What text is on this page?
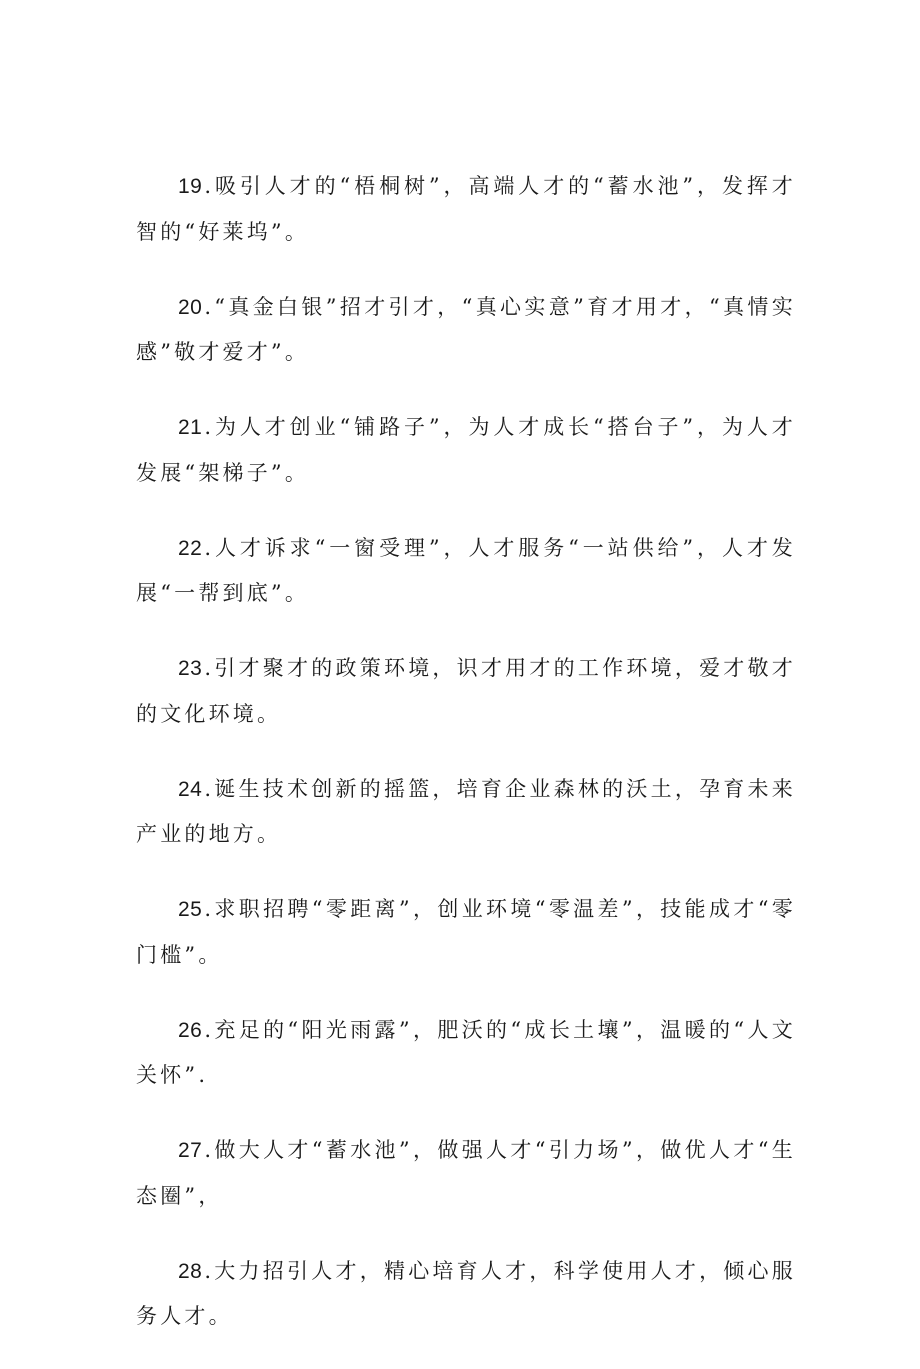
19.吸引人才的“梧桐树”，高端人才的“蓄水池”，发挥才智的“好莱坞”。

20.“真金白银”招才引才，“真心实意”育才用才，“真情实感”敬才爱才”。

21.为人才创业“铺路子”，为人才成长“搭台子”，为人才发展“架梯子”。

22.人才诉求“一窗受理”，人才服务“一站供给”，人才发展“一帮到底”。

23.引才聚才的政策环境，识才用才的工作环境，爱才敬才的文化环境。

24.诞生技术创新的摇篮，培育企业森林的沃土，孕育未来产业的地方。

25.求职招聘“零距离”，创业环境“零温差”，技能成才“零门槛”。

26.充足的“阳光雨露”，肥沃的“成长土壤”，温暖的“人文关怀”.

27.做大人才“蓄水池”，做强人才“引力场”，做优人才“生态圈”，

28.大力招引人才，精心培育人才，科学使用人才，倾心服务人才。
